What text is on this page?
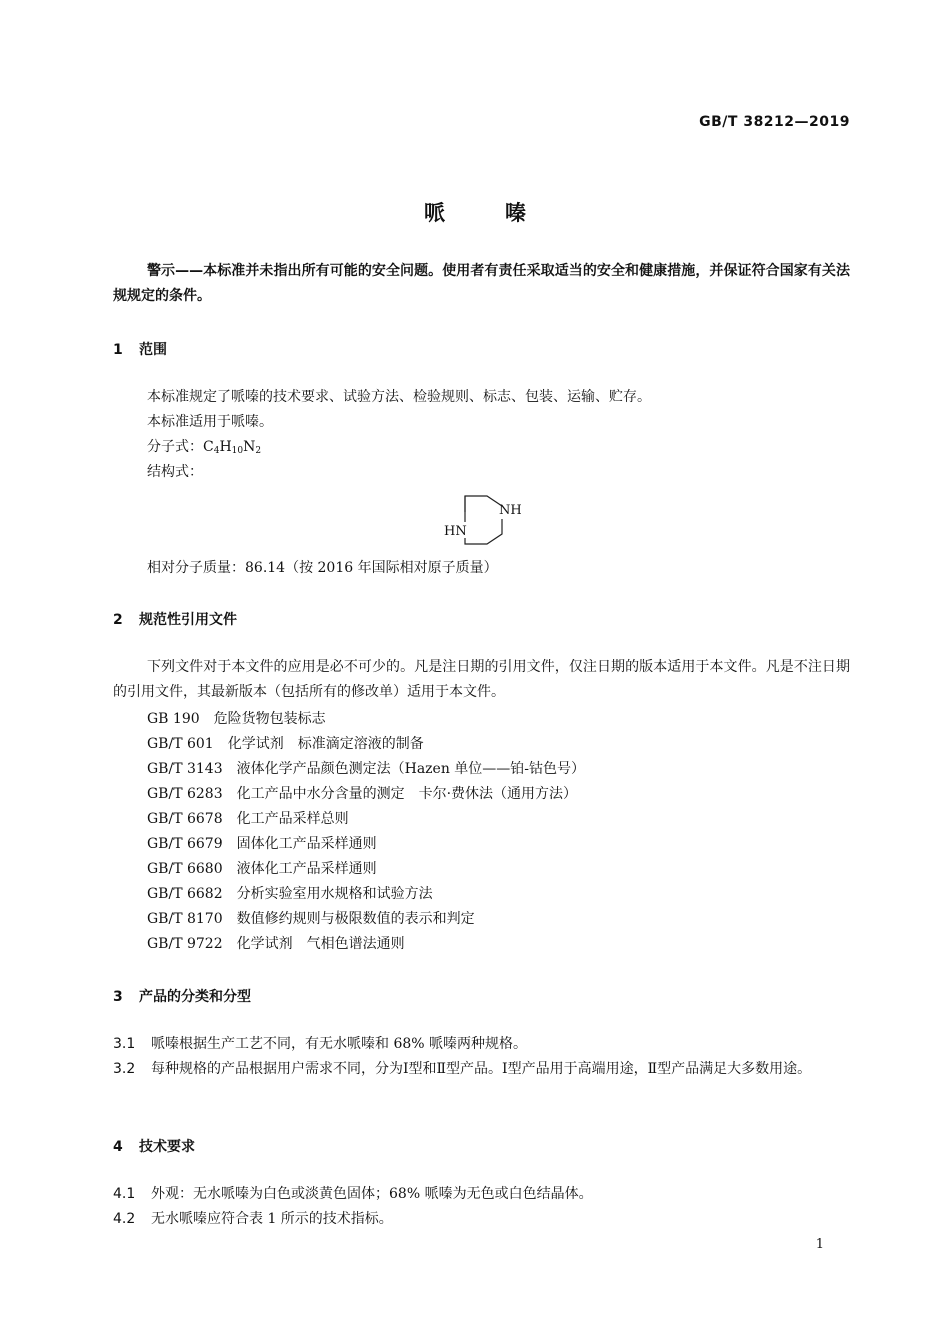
GB/T 38212—2019
哌嗪
警示——本标准并未指出所有可能的安全问题。使用者有责任采取适当的安全和健康措施，并保证符合国家有关法规规定的条件。
1 范围
本标准规定了哌嗪的技术要求、试验方法、检验规则、标志、包装、运输、贮存。
本标准适用于哌嗪。
分子式：$C_4H_{10}N_2$
结构式：
NH
HN
相对分子质量：86.14（按 2016 年国际相对原子质量）
2 规范性引用文件
下列文件对于本文件的应用是必不可少的。凡是注日期的引用文件，仅注日期的版本适用于本文件。凡是不注日期的引用文件，其最新版本（包括所有的修改单）适用于本文件。
GB 190 危险货物包装标志
GB/T 601 化学试剂　标准滴定溶液的制备
GB/T 3143 液体化学产品颜色测定法（Hazen 单位——铂-钴色号）
GB/T 6283 化工产品中水分含量的测定　卡尔·费休法（通用方法）
GB/T 6678 化工产品采样总则
GB/T 6679 固体化工产品采样通则
GB/T 6680 液体化工产品采样通则
GB/T 6682 分析实验室用水规格和试验方法
GB/T 8170 数值修约规则与极限数值的表示和判定
GB/T 9722 化学试剂　气相色谱法通则
3 产品的分类和分型
3.1 哌嗪根据生产工艺不同，有无水哌嗪和 68% 哌嗪两种规格。
3.2 每种规格的产品根据用户需求不同，分为Ⅰ型和Ⅱ型产品。Ⅰ型产品用于高端用途，Ⅱ型产品满足大多数用途。
4 技术要求
4.1 外观：无水哌嗪为白色或淡黄色固体；68% 哌嗪为无色或白色结晶体。
4.2 无水哌嗪应符合表 1 所示的技术指标。
1
